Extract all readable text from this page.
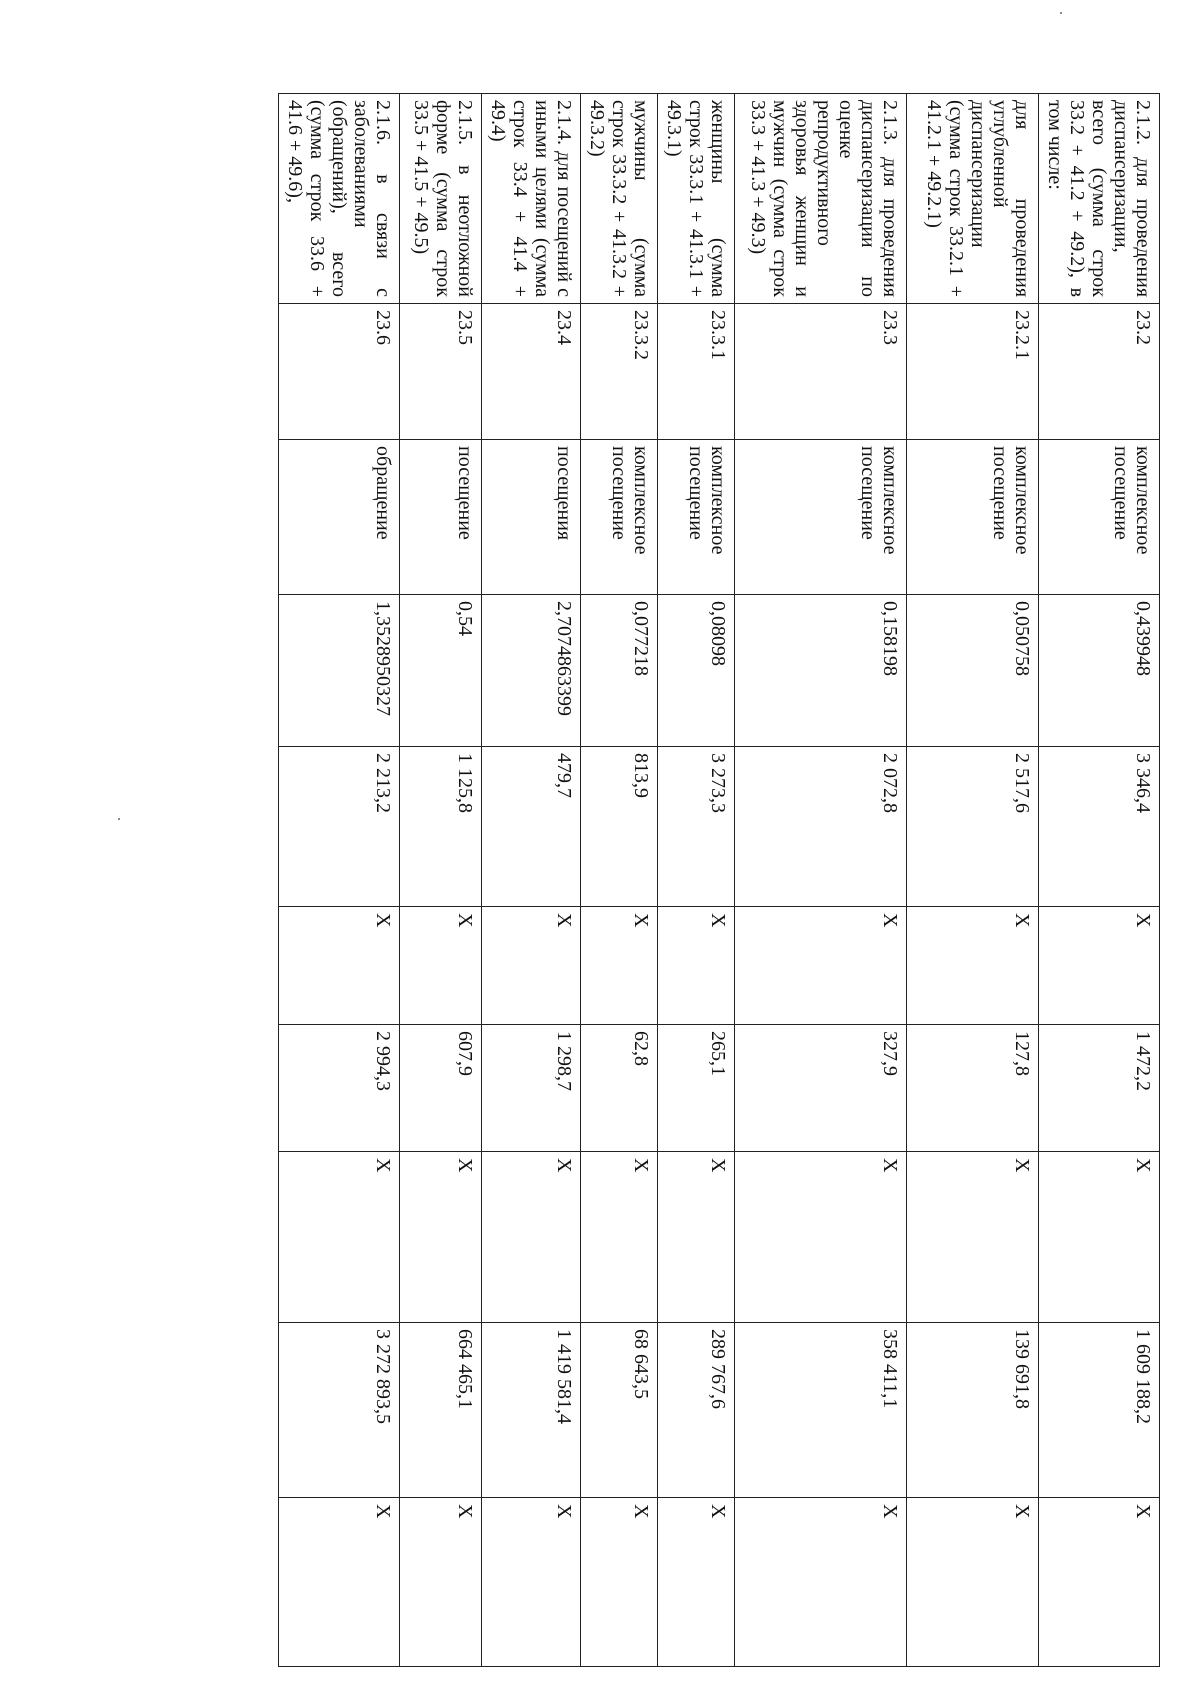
2.1.2. для проведения диспансеризации, всего (сумма строк 33.2 + 41.2 + 49.2), в том числе:	23.2	комплексное посещение	0,439948	3 346,4	X	1 472,2	X	1 609 188,2	X
для проведения углубленной диспансеризации (сумма строк 33.2.1 + 41.2.1 + 49.2.1)	23.2.1	комплексное посещение	0,050758	2 517,6	X	127,8	X	139 691,8	X
2.1.3. для проведения диспансеризации по оценке репродуктивного здоровья женщин и мужчин (сумма строк 33.3 + 41.3 + 49.3)	23.3	комплексное посещение	0,158198	2 072,8	X	327,9	X	358 411,1	X
женщины (сумма строк 33.3.1 + 41.3.1 + 49.3.1)	23.3.1	комплексное посещение	0,08098	3 273,3	X	265,1	X	289 767,6	X
мужчины (сумма строк 33.3.2 + 41.3.2 + 49.3.2)	23.3.2	комплексное посещение	0,077218	813,9	X	62,8	X	68 643,5	X
2.1.4. для посещений с иными целями (сумма строк 33.4 + 41.4 + 49.4)	23.4	посещения	2,7074863399	479,7	X	1 298,7	X	1 419 581,4	X
2.1.5. в неотложной форме (сумма строк 33.5 + 41.5 + 49.5)	23.5	посещение	0,54	1 125,8	X	607,9	X	664 465,1	X
2.1.6. в связи с заболеваниями (обращений), всего (сумма строк 33.6 + 41.6 + 49.6),	23.6	обращение	1,3528950327	2 213,2	X	2 994,3	X	3 272 893,5	X
